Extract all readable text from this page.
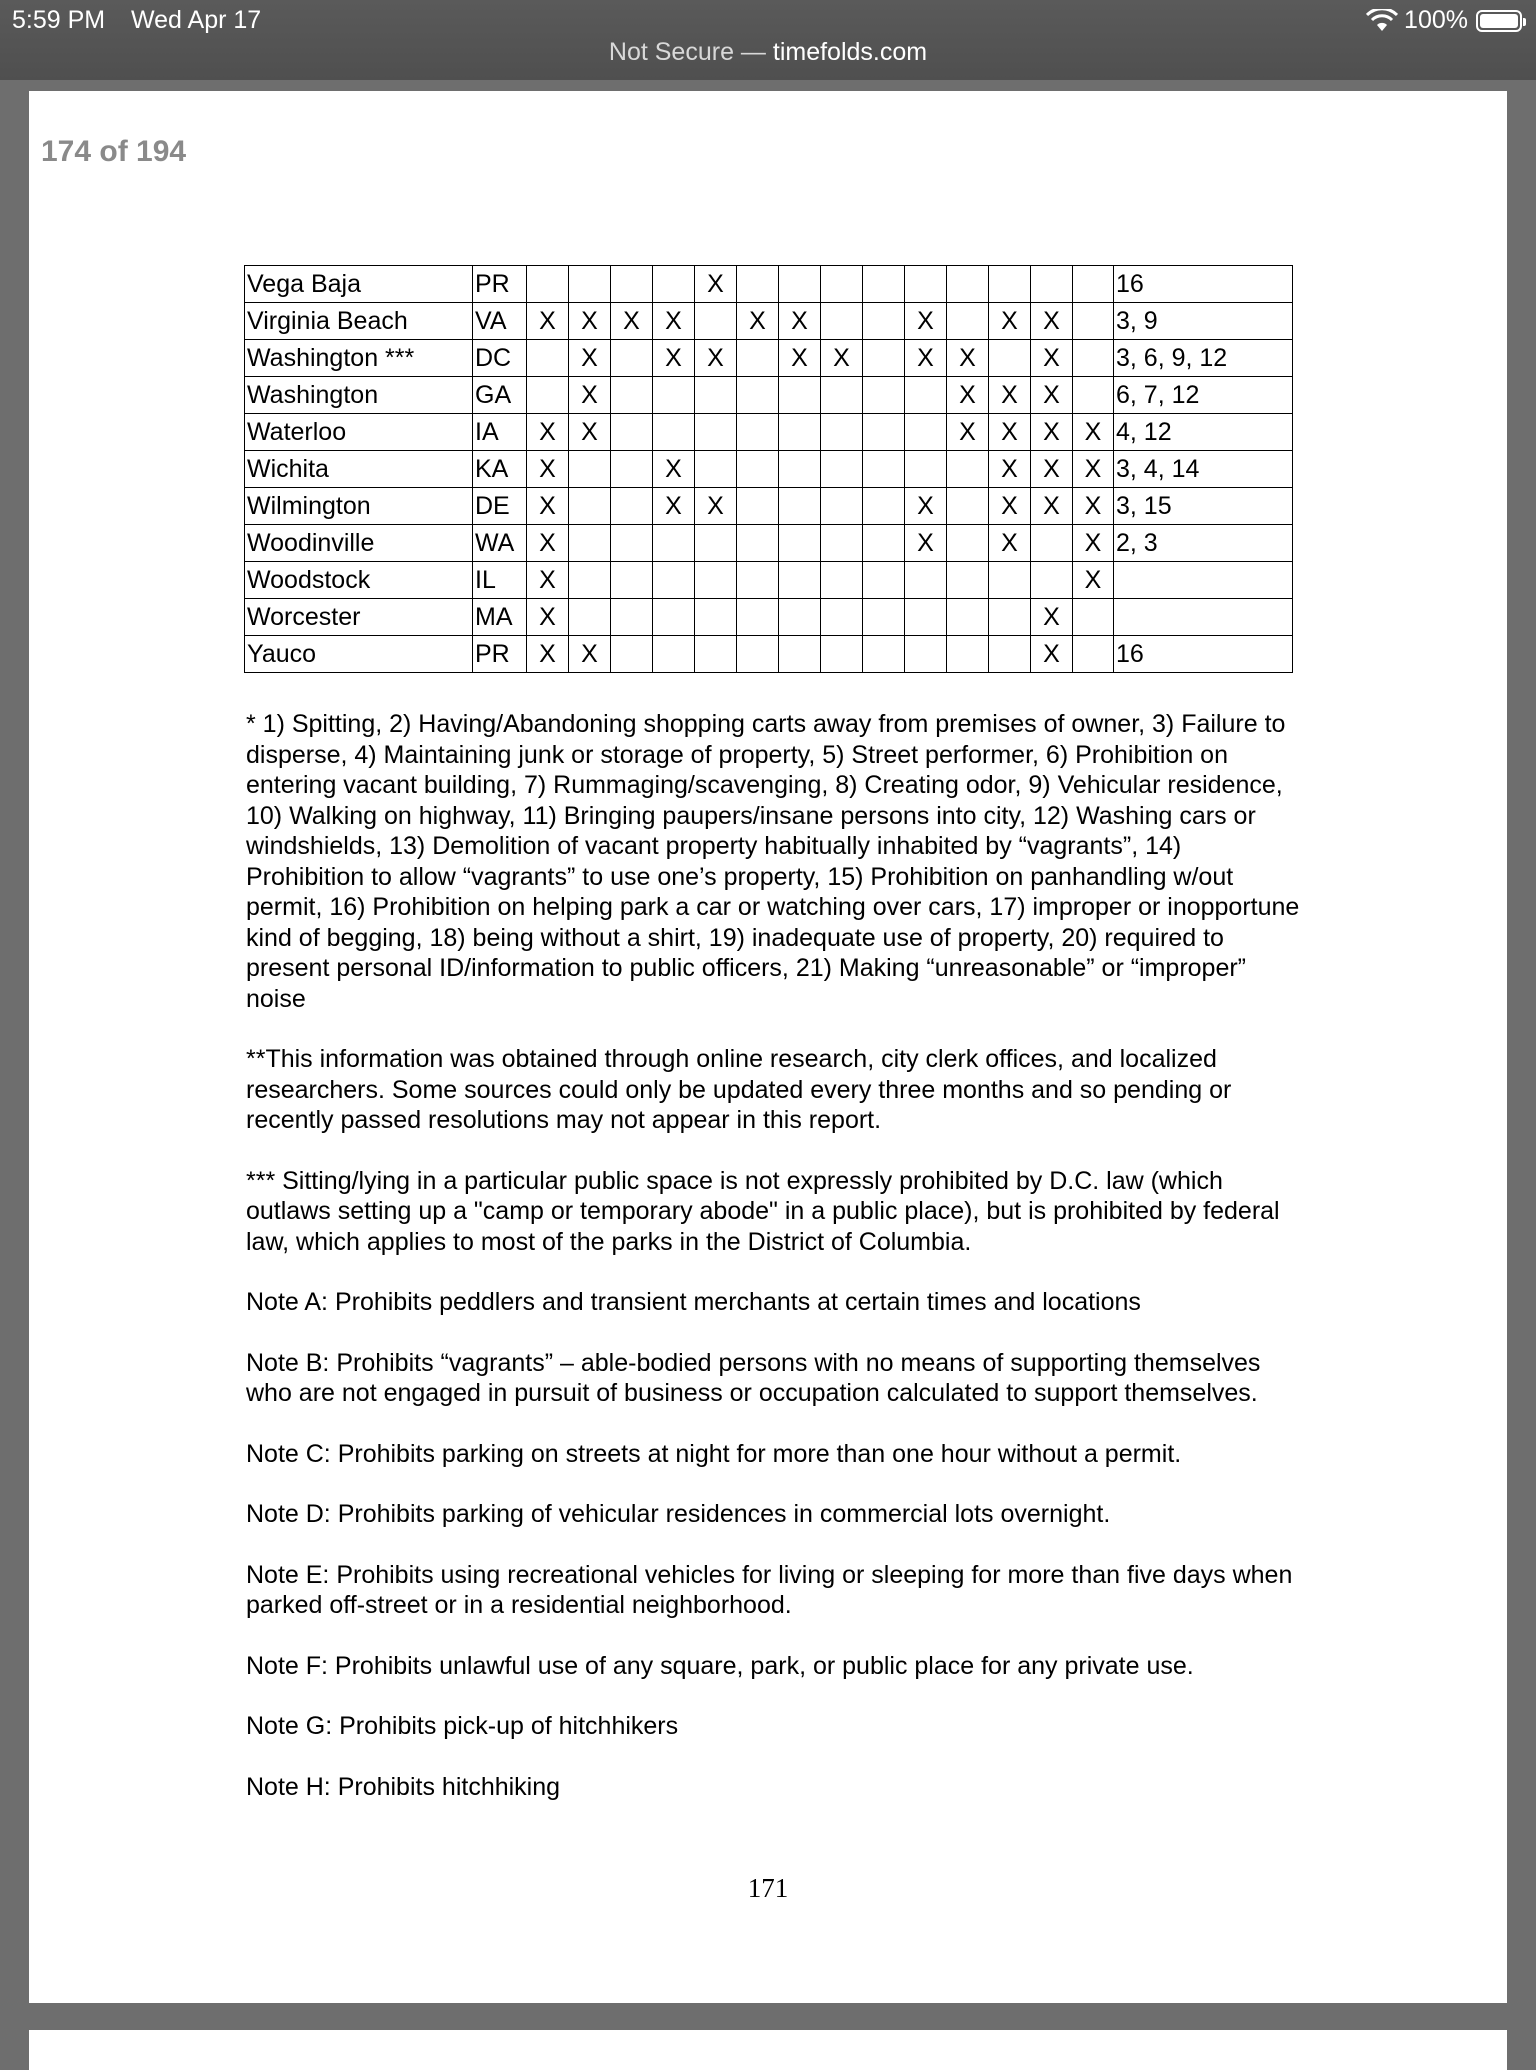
5:59 PM Wed Apr 17	100%
Not Secure — timefolds.com
174 of 194
Vega Baja	PR					X										16
Virginia Beach	VA	X	X	X	X		X	X			X		X	X		3, 9
Washington ***	DC		X		X	X		X	X		X	X		X		3, 6, 9, 12
Washington	GA		X									X	X	X		6, 7, 12
Waterloo	IA	X	X									X	X	X	X	4, 12
Wichita	KA	X			X								X	X	X	3, 4, 14
Wilmington	DE	X			X	X					X		X	X	X	3, 15
Woodinville	WA	X									X		X		X	2, 3
Woodstock	IL	X													X	
Worcester	MA	X												X		
Yauco	PR	X	X											X		16

* 1) Spitting, 2) Having/Abandoning shopping carts away from premises of owner, 3) Failure to disperse, 4) Maintaining junk or storage of property, 5) Street performer, 6) Prohibition on entering vacant building, 7) Rummaging/scavenging, 8) Creating odor, 9) Vehicular residence, 10) Walking on highway, 11) Bringing paupers/insane persons into city, 12) Washing cars or windshields, 13) Demolition of vacant property habitually inhabited by “vagrants”, 14) Prohibition to allow “vagrants” to use one’s property, 15) Prohibition on panhandling w/out permit, 16) Prohibition on helping park a car or watching over cars, 17) improper or inopportune kind of begging, 18) being without a shirt, 19) inadequate use of property, 20) required to present personal ID/information to public officers, 21) Making “unreasonable” or “improper” noise

**This information was obtained through online research, city clerk offices, and localized researchers. Some sources could only be updated every three months and so pending or recently passed resolutions may not appear in this report.

*** Sitting/lying in a particular public space is not expressly prohibited by D.C. law (which outlaws setting up a "camp or temporary abode" in a public place), but is prohibited by federal law, which applies to most of the parks in the District of Columbia.

Note A: Prohibits peddlers and transient merchants at certain times and locations

Note B: Prohibits “vagrants” – able-bodied persons with no means of supporting themselves who are not engaged in pursuit of business or occupation calculated to support themselves.

Note C: Prohibits parking on streets at night for more than one hour without a permit.

Note D: Prohibits parking of vehicular residences in commercial lots overnight.

Note E: Prohibits using recreational vehicles for living or sleeping for more than five days when parked off-street or in a residential neighborhood.

Note F: Prohibits unlawful use of any square, park, or public place for any private use.

Note G: Prohibits pick-up of hitchhikers

Note H: Prohibits hitchhiking

171
